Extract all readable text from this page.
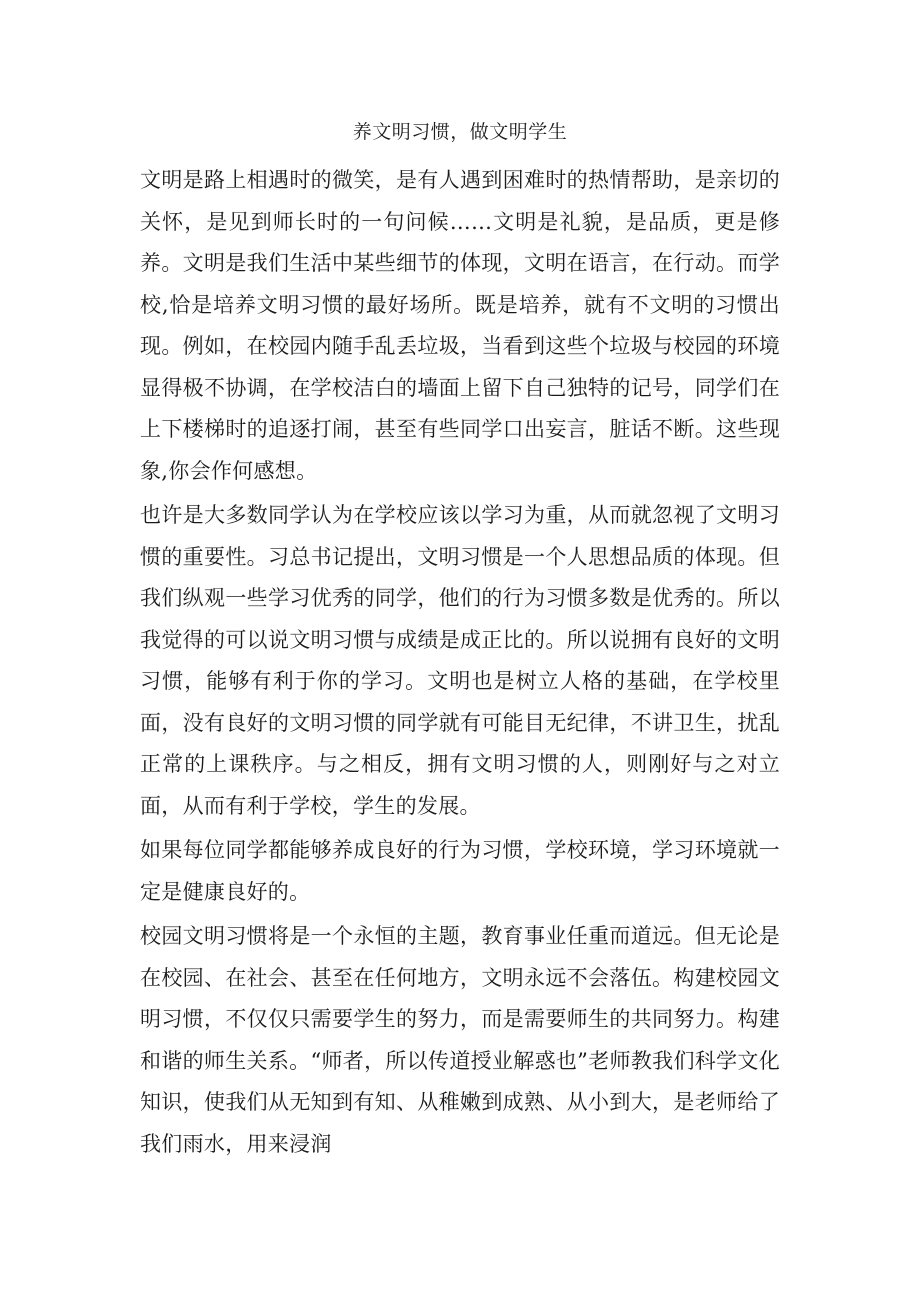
养文明习惯，做文明学生

文明是路上相遇时的微笑，是有人遇到困难时的热情帮助，是亲切的关怀，是见到师长时的一句问候……文明是礼貌，是品质，更是修养。文明是我们生活中某些细节的体现，文明在语言，在行动。而学校,恰是培养文明习惯的最好场所。既是培养，就有不文明的习惯出现。例如，在校园内随手乱丢垃圾，当看到这些个垃圾与校园的环境显得极不协调，在学校洁白的墙面上留下自己独特的记号，同学们在上下楼梯时的追逐打闹，甚至有些同学口出妄言，脏话不断。这些现象,你会作何感想。

也许是大多数同学认为在学校应该以学习为重，从而就忽视了文明习惯的重要性。习总书记提出，文明习惯是一个人思想品质的体现。但我们纵观一些学习优秀的同学，他们的行为习惯多数是优秀的。所以我觉得的可以说文明习惯与成绩是成正比的。所以说拥有良好的文明习惯，能够有利于你的学习。文明也是树立人格的基础，在学校里面，没有良好的文明习惯的同学就有可能目无纪律，不讲卫生，扰乱正常的上课秩序。与之相反，拥有文明习惯的人，则刚好与之对立面，从而有利于学校，学生的发展。

如果每位同学都能够养成良好的行为习惯，学校环境，学习环境就一定是健康良好的。

校园文明习惯将是一个永恒的主题，教育事业任重而道远。但无论是在校园、在社会、甚至在任何地方，文明永远不会落伍。构建校园文明习惯，不仅仅只需要学生的努力，而是需要师生的共同努力。构建和谐的师生关系。“师者，所以传道授业解惑也”老师教我们科学文化知识，使我们从无知到有知、从稚嫩到成熟、从小到大，是老师给了我们雨水，用来浸润
